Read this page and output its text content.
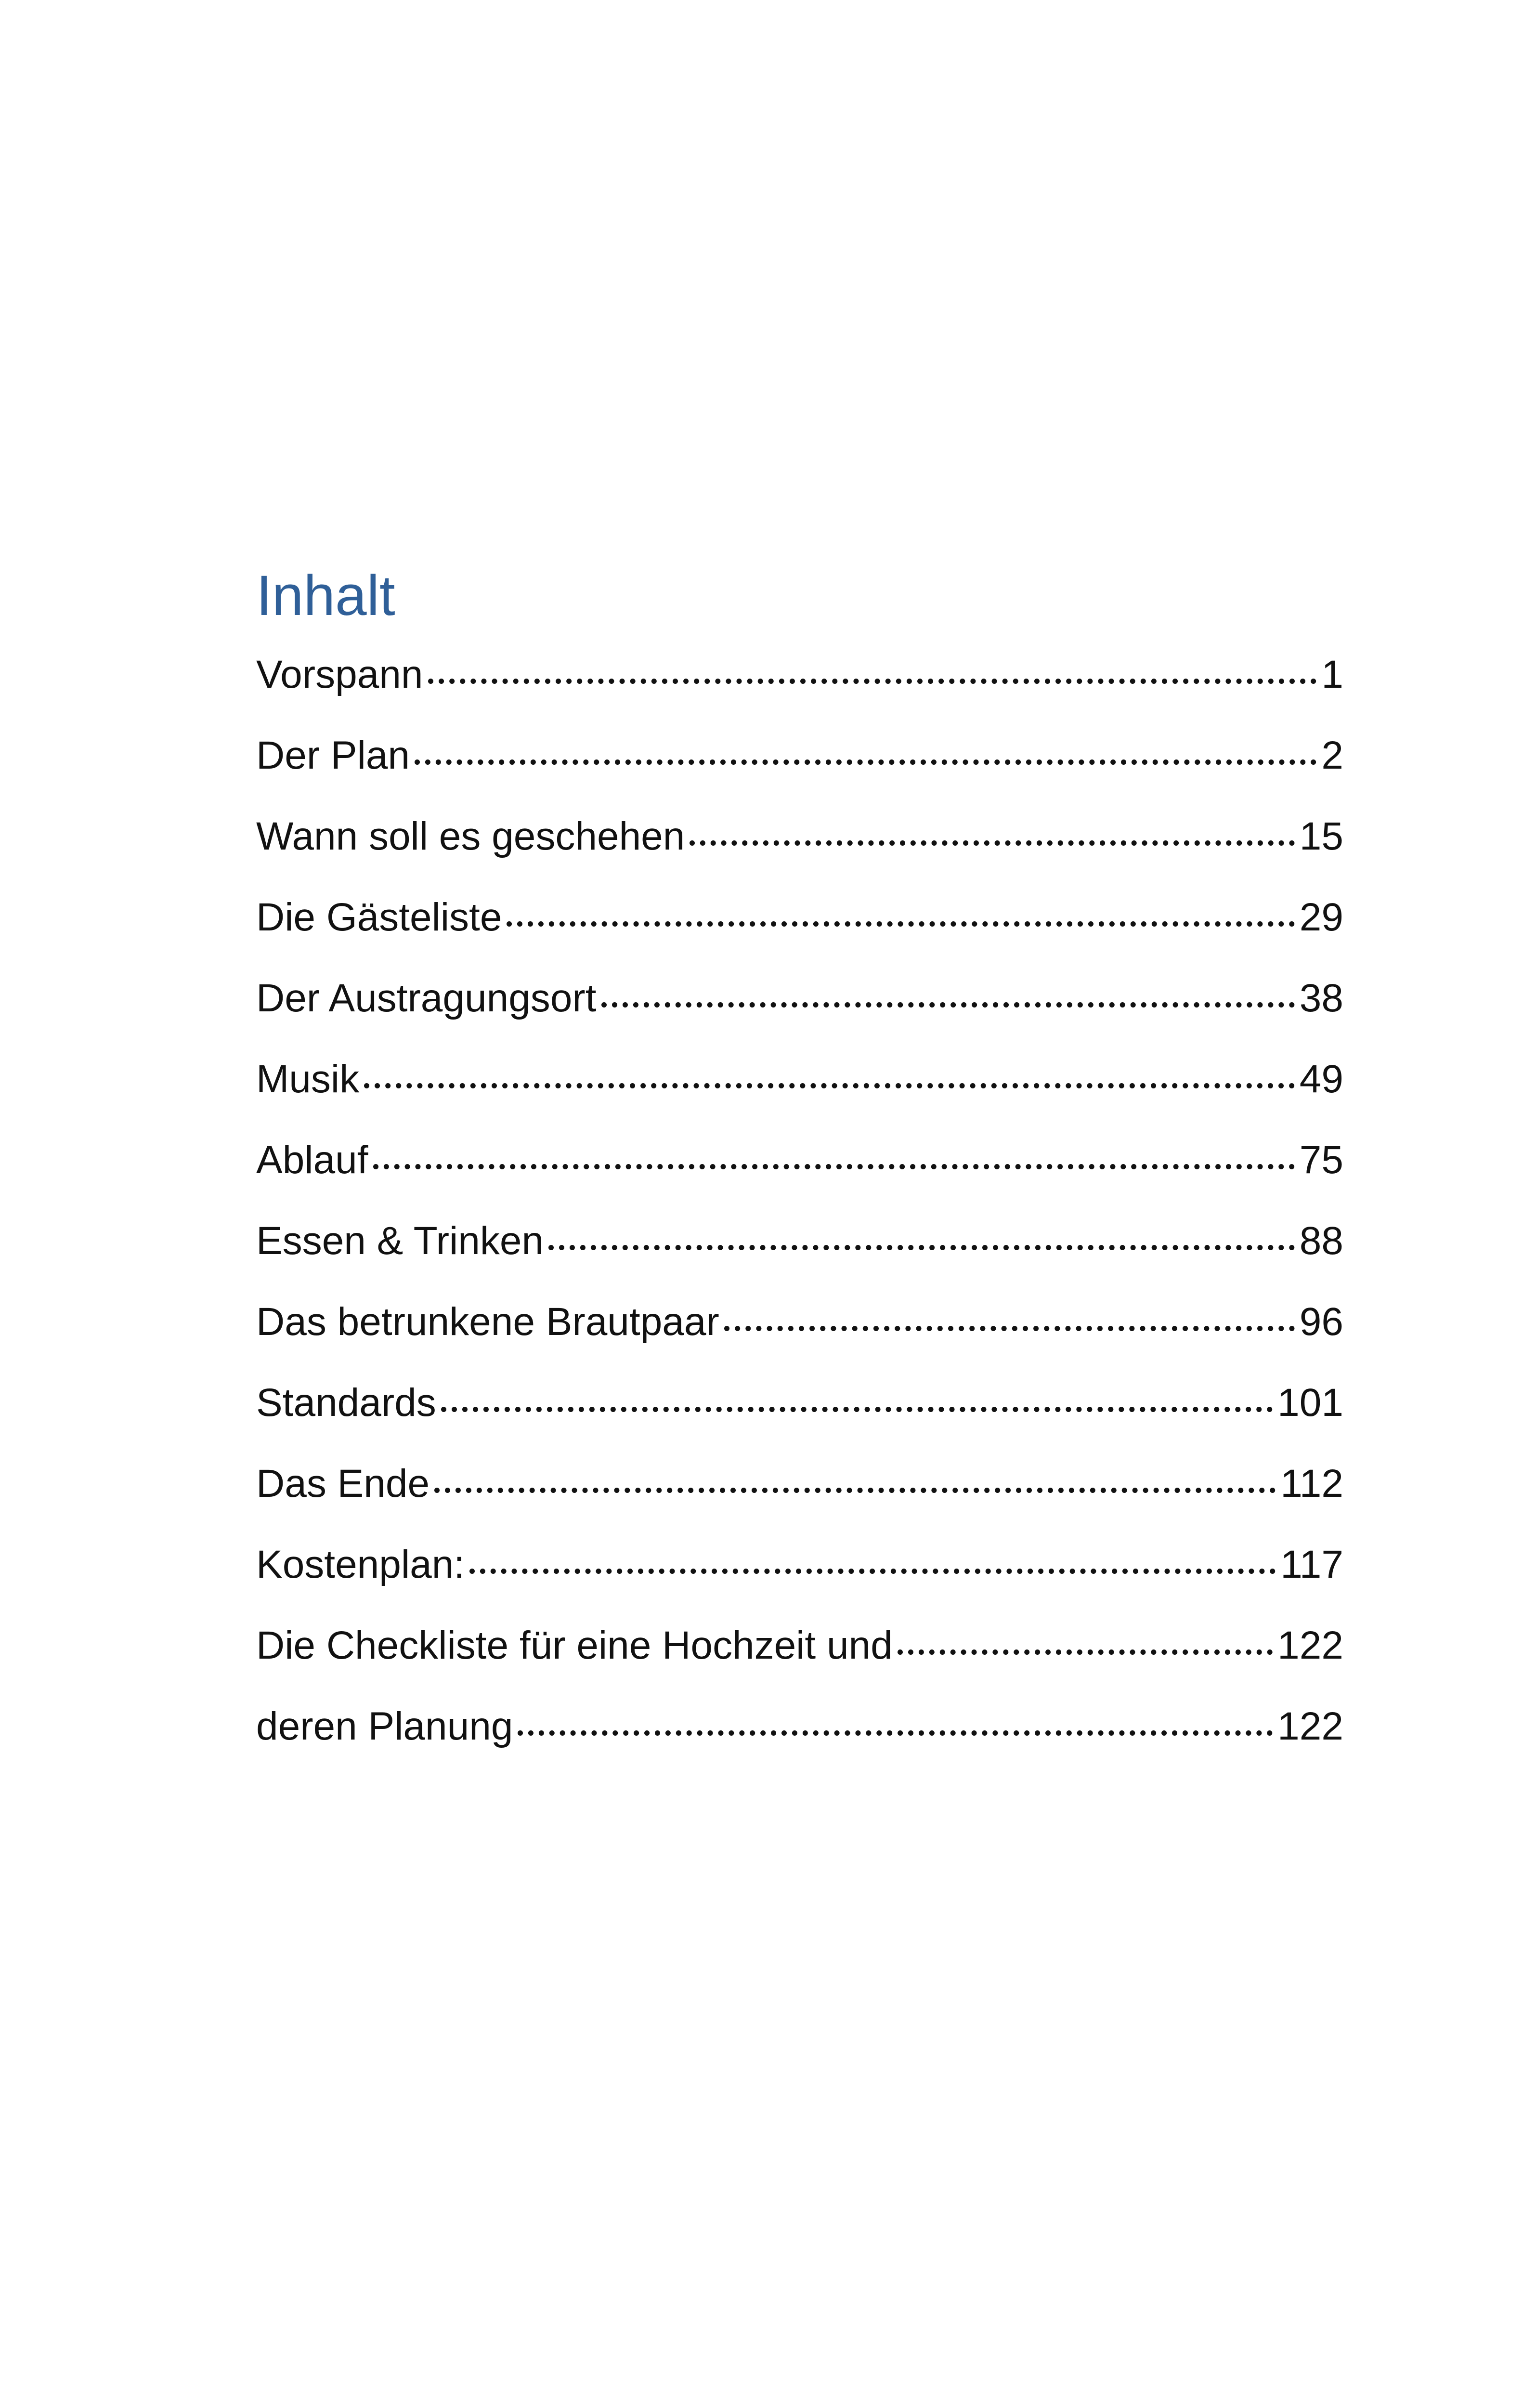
Inhalt
Vorspann	1
Der Plan	2
Wann soll es geschehen	15
Die Gästeliste	29
Der Austragungsort	38
Musik	49
Ablauf	75
Essen & Trinken	88
Das betrunkene Brautpaar	96
Standards	101
Das Ende	112
Kostenplan:	117
Die Checkliste für eine Hochzeit und	122
deren Planung	122
